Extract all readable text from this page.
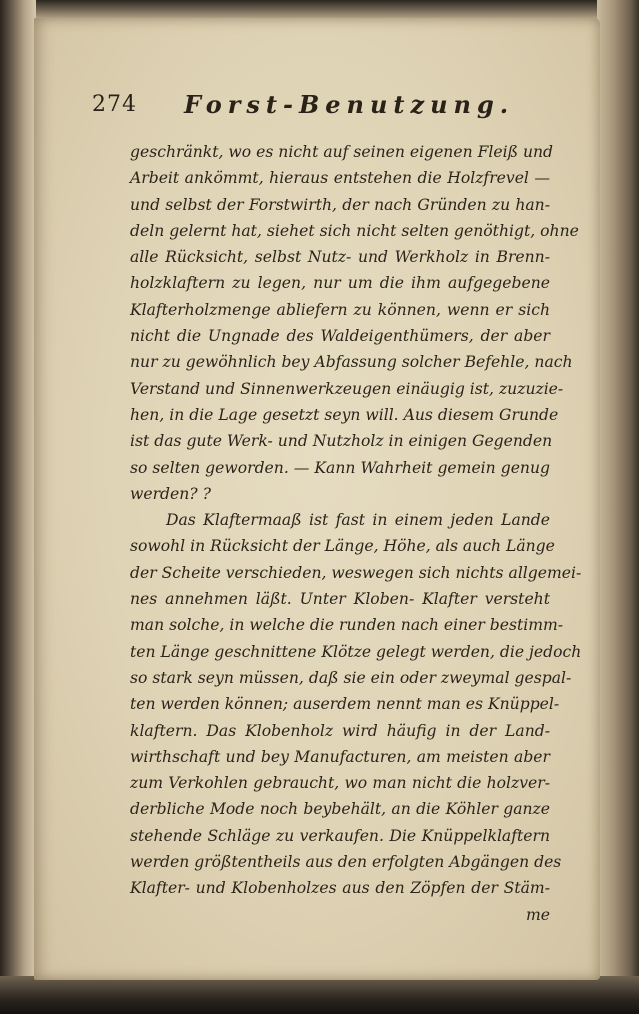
274 Forst-Benutzung.
geschränkt, wo es nicht auf seinen eigenen Fleiß und
Arbeit ankömmt, hieraus entstehen die Holzfrevel —
und selbst der Forstwirth, der nach Gründen zu han-
deln gelernt hat, siehet sich nicht selten genöthigt, ohne
alle Rücksicht, selbst Nutz- und Werkholz in Brenn-
holzklaftern zu legen, nur um die ihm aufgegebene
Klafterholzmenge abliefern zu können, wenn er sich
nicht die Ungnade des Waldeigenthümers, der aber
nur zu gewöhnlich bey Abfassung solcher Befehle, nach
Verstand und Sinnenwerkzeugen einäugig ist, zuzuzie-
hen, in die Lage gesetzt seyn will. Aus diesem Grunde
ist das gute Werk- und Nutzholz in einigen Gegenden
so selten geworden. — Kann Wahrheit gemein genug
werden? ?
Das Klaftermaaß ist fast in einem jeden Lande
sowohl in Rücksicht der Länge, Höhe, als auch Länge
der Scheite verschieden, weswegen sich nichts allgemei-
nes annehmen läßt. Unter Kloben- Klafter versteht
man solche, in welche die runden nach einer bestimm-
ten Länge geschnittene Klötze gelegt werden, die jedoch
so stark seyn müssen, daß sie ein oder zweymal gespal-
ten werden können; auserdem nennt man es Knüppel-
klaftern. Das Klobenholz wird häufig in der Land-
wirthschaft und bey Manufacturen, am meisten aber
zum Verkohlen gebraucht, wo man nicht die holzver-
derbliche Mode noch beybehält, an die Köhler ganze
stehende Schläge zu verkaufen. Die Knüppelklaftern
werden größtentheils aus den erfolgten Abgängen des
Klafter- und Klobenholzes aus den Zöpfen der Stäm-
me
